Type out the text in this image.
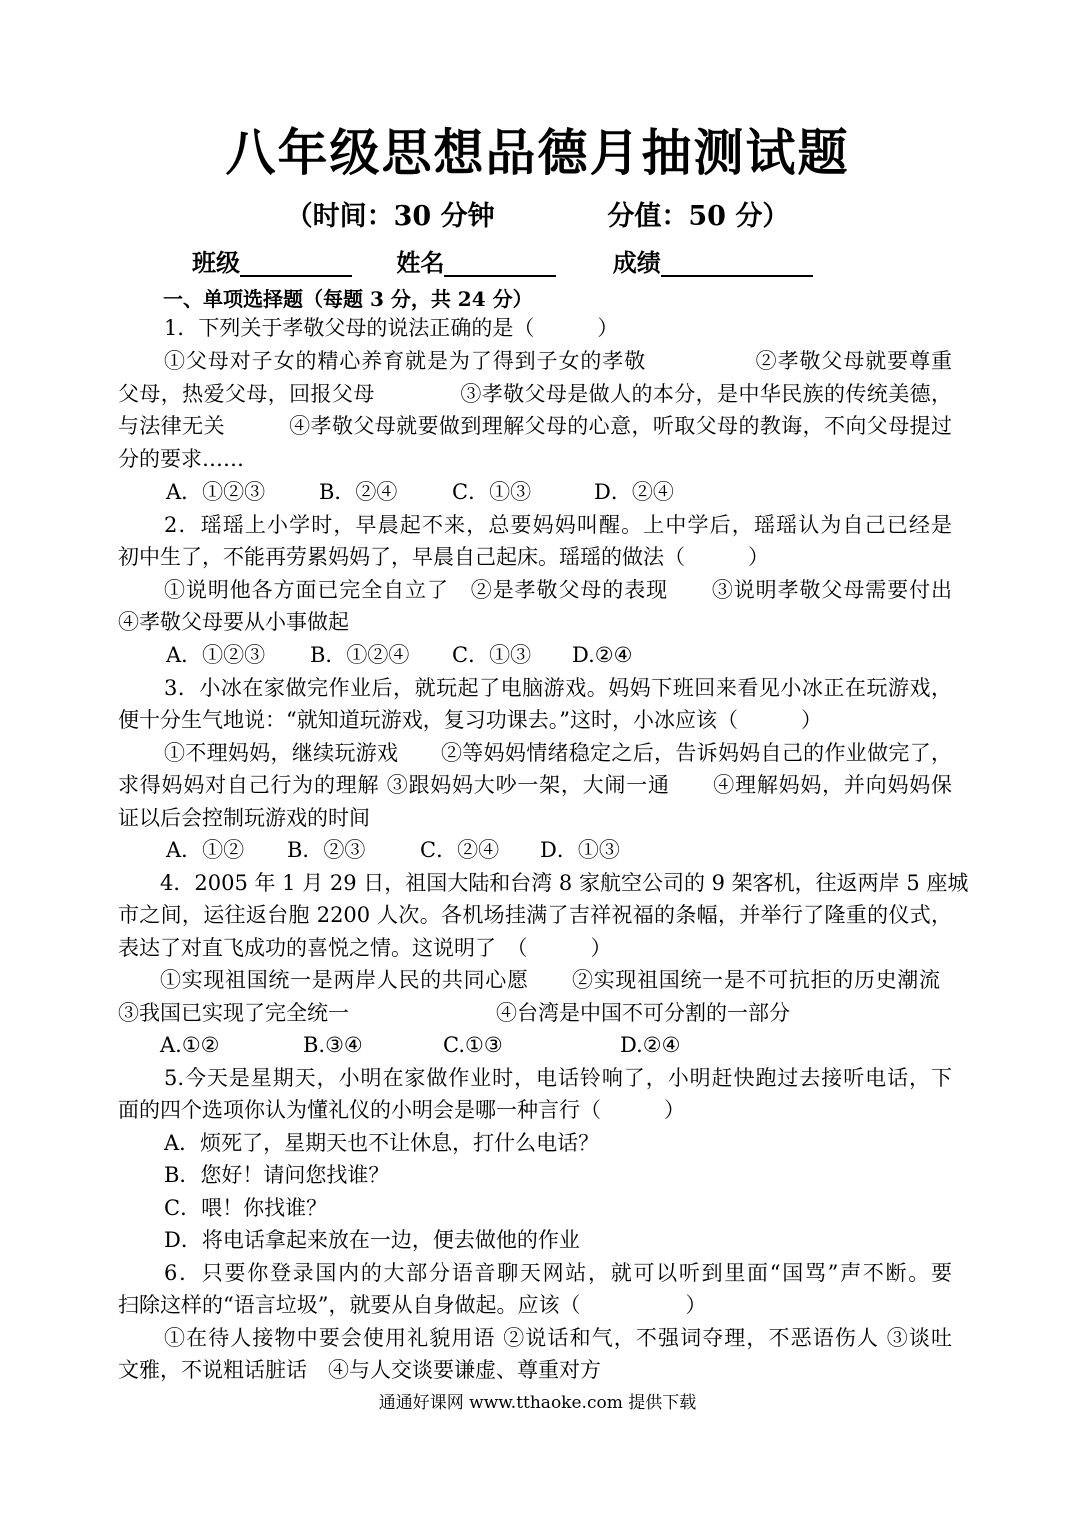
八年级思想品德月抽测试题
（时间：30 分钟            分值：50 分）
班级	姓名	成绩
一、单项选择题（每题 3 分，共 24 分）
1．下列关于孝敬父母的说法正确的是（　　　）
①父母对子女的精心养育就是为了得到子女的孝敬　　　　　②孝敬父母就要尊重
父母，热爱父母，回报父母　　　　③孝敬父母是做人的本分，是中华民族的传统美德，
与法律无关　　　④孝敬父母就要做到理解父母的心意，听取父母的教诲，不向父母提过
分的要求……
A．①②③	B．②④	C．①③	D．②④
2．瑶瑶上小学时，早晨起不来，总要妈妈叫醒。上中学后，瑶瑶认为自己已经是
初中生了，不能再劳累妈妈了，早晨自己起床。瑶瑶的做法（　　　）
①说明他各方面已完全自立了　②是孝敬父母的表现　　③说明孝敬父母需要付出
④孝敬父母要从小事做起
A．①②③ B．①②④ C．①③ D.②④
3．小冰在家做完作业后，就玩起了电脑游戏。妈妈下班回来看见小冰正在玩游戏，
便十分生气地说：“就知道玩游戏，复习功课去。”这时，小冰应该（　　　）
①不理妈妈，继续玩游戏　　②等妈妈情绪稳定之后，告诉妈妈自己的作业做完了，
求得妈妈对自己行为的理解 ③跟妈妈大吵一架，大闹一通　　④理解妈妈，并向妈妈保
证以后会控制玩游戏的时间
A．①② B．②③	C．②④ D．①③
4．2005 年 1 月 29 日，祖国大陆和台湾 8 家航空公司的 9 架客机，往返两岸 5 座城
市之间，运往返台胞 2200 人次。各机场挂满了吉祥祝福的条幅，并举行了隆重的仪式，
表达了对直飞成功的喜悦之情。这说明了　（　　　）
①实现祖国统一是两岸人民的共同心愿　　②实现祖国统一是不可抗拒的历史潮流
③我国已实现了完全统一　　　　　　　④台湾是中国不可分割的一部分
A.①②	B.③④	C.①③	D.②④
5.今天是星期天，小明在家做作业时，电话铃响了，小明赶快跑过去接听电话，下
面的四个选项你认为懂礼仪的小明会是哪一种言行（　　　）
A．烦死了，星期天也不让休息，打什么电话？
B．您好！请问您找谁？
C．喂！你找谁？
D．将电话拿起来放在一边，便去做他的作业
6．只要你登录国内的大部分语音聊天网站，就可以听到里面“国骂”声不断。要
扫除这样的“语言垃圾”，就要从自身做起。应该（　　　　　）
①在待人接物中要会使用礼貌用语 ②说话和气，不强词夺理，不恶语伤人 ③谈吐
文雅，不说粗话脏话　④与人交谈要谦虚、尊重对方
通通好课网 www.tthaoke.com 提供下载
